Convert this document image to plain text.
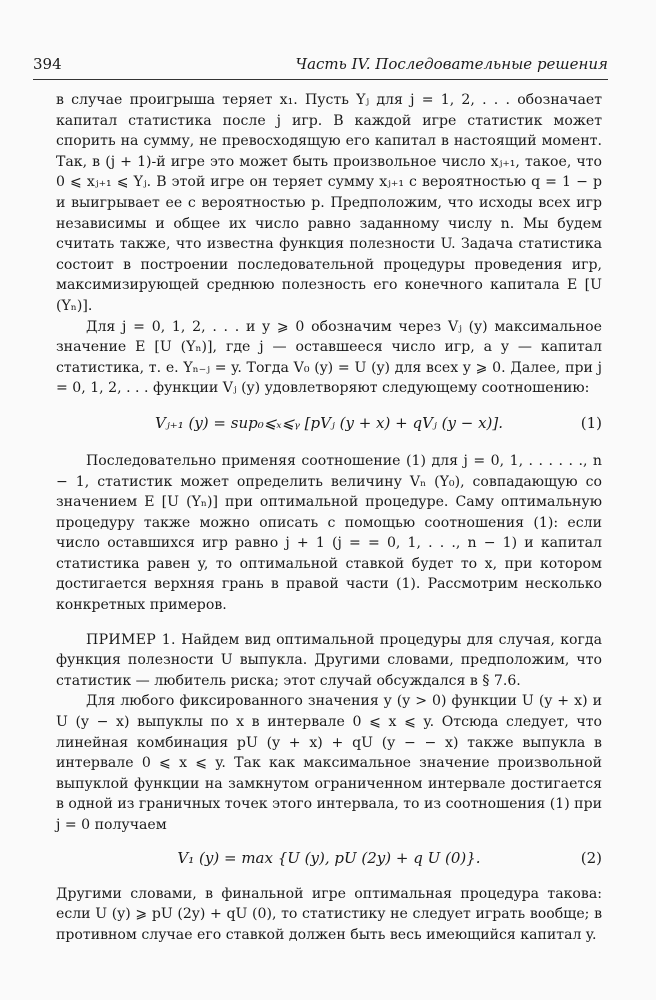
394	Часть IV. Последовательные решения

в случае проигрыша теряет x₁. Пусть Yⱼ для j = 1, 2, . . . обозначает капитал статистика после j игр. В каждой игре статистик может спорить на сумму, не превосходящую его капитал в настоящий момент. Так, в (j + 1)-й игре это может быть произвольное число xⱼ₊₁, такое, что 0 ⩽ xⱼ₊₁ ⩽ Yⱼ. В этой игре он теряет сумму xⱼ₊₁ с вероятностью q = 1 − p и выигрывает ее с вероятностью p. Предположим, что исходы всех игр независимы и общее их число равно заданному числу n. Мы будем считать также, что известна функция полезности U. Задача статистика состоит в построении последовательной процедуры проведения игр, максимизирующей среднюю полезность его конечного капитала E [U (Yₙ)].

Для j = 0, 1, 2, . . . и y ⩾ 0 обозначим через Vⱼ (y) максимальное значение E [U (Yₙ)], где j — оставшееся число игр, а y — капитал статистика, т. е. Yₙ₋ⱼ = y. Тогда V₀ (y) = U (y) для всех y ⩾ 0. Далее, при j = 0, 1, 2, . . . функции Vⱼ (y) удовлетворяют следующему соотношению:

Vⱼ₊₁ (y) = sup₀⩽ₓ⩽ᵧ [pVⱼ (y + x) + qVⱼ (y − x)].	(1)

Последовательно применяя соотношение (1) для j = 0, 1, . . . . . ., n − 1, статистик может определить величину Vₙ (Y₀), совпадающую со значением E [U (Yₙ)] при оптимальной процедуре. Саму оптимальную процедуру также можно описать с помощью соотношения (1): если число оставшихся игр равно j + 1 (j = = 0, 1, . . ., n − 1) и капитал статистика равен y, то оптимальной ставкой будет то x, при котором достигается верхняя грань в правой части (1). Рассмотрим несколько конкретных примеров.

ПРИМЕР 1. Найдем вид оптимальной процедуры для случая, когда функция полезности U выпукла. Другими словами, предположим, что статистик — любитель риска; этот случай обсуждался в § 7.6.

Для любого фиксированного значения y (y > 0) функции U (y + x) и U (y − x) выпуклы по x в интервале 0 ⩽ x ⩽ y. Отсюда следует, что линейная комбинация pU (y + x) + qU (y − − x) также выпукла в интервале 0 ⩽ x ⩽ y. Так как максимальное значение произвольной выпуклой функции на замкнутом ограниченном интервале достигается в одной из граничных точек этого интервала, то из соотношения (1) при j = 0 получаем

V₁ (y) = max {U (y), pU (2y) + q U (0)}.	(2)

Другими словами, в финальной игре оптимальная процедура такова: если U (y) ⩾ pU (2y) + qU (0), то статистику не следует играть вообще; в противном случае его ставкой должен быть весь имеющийся капитал y.
